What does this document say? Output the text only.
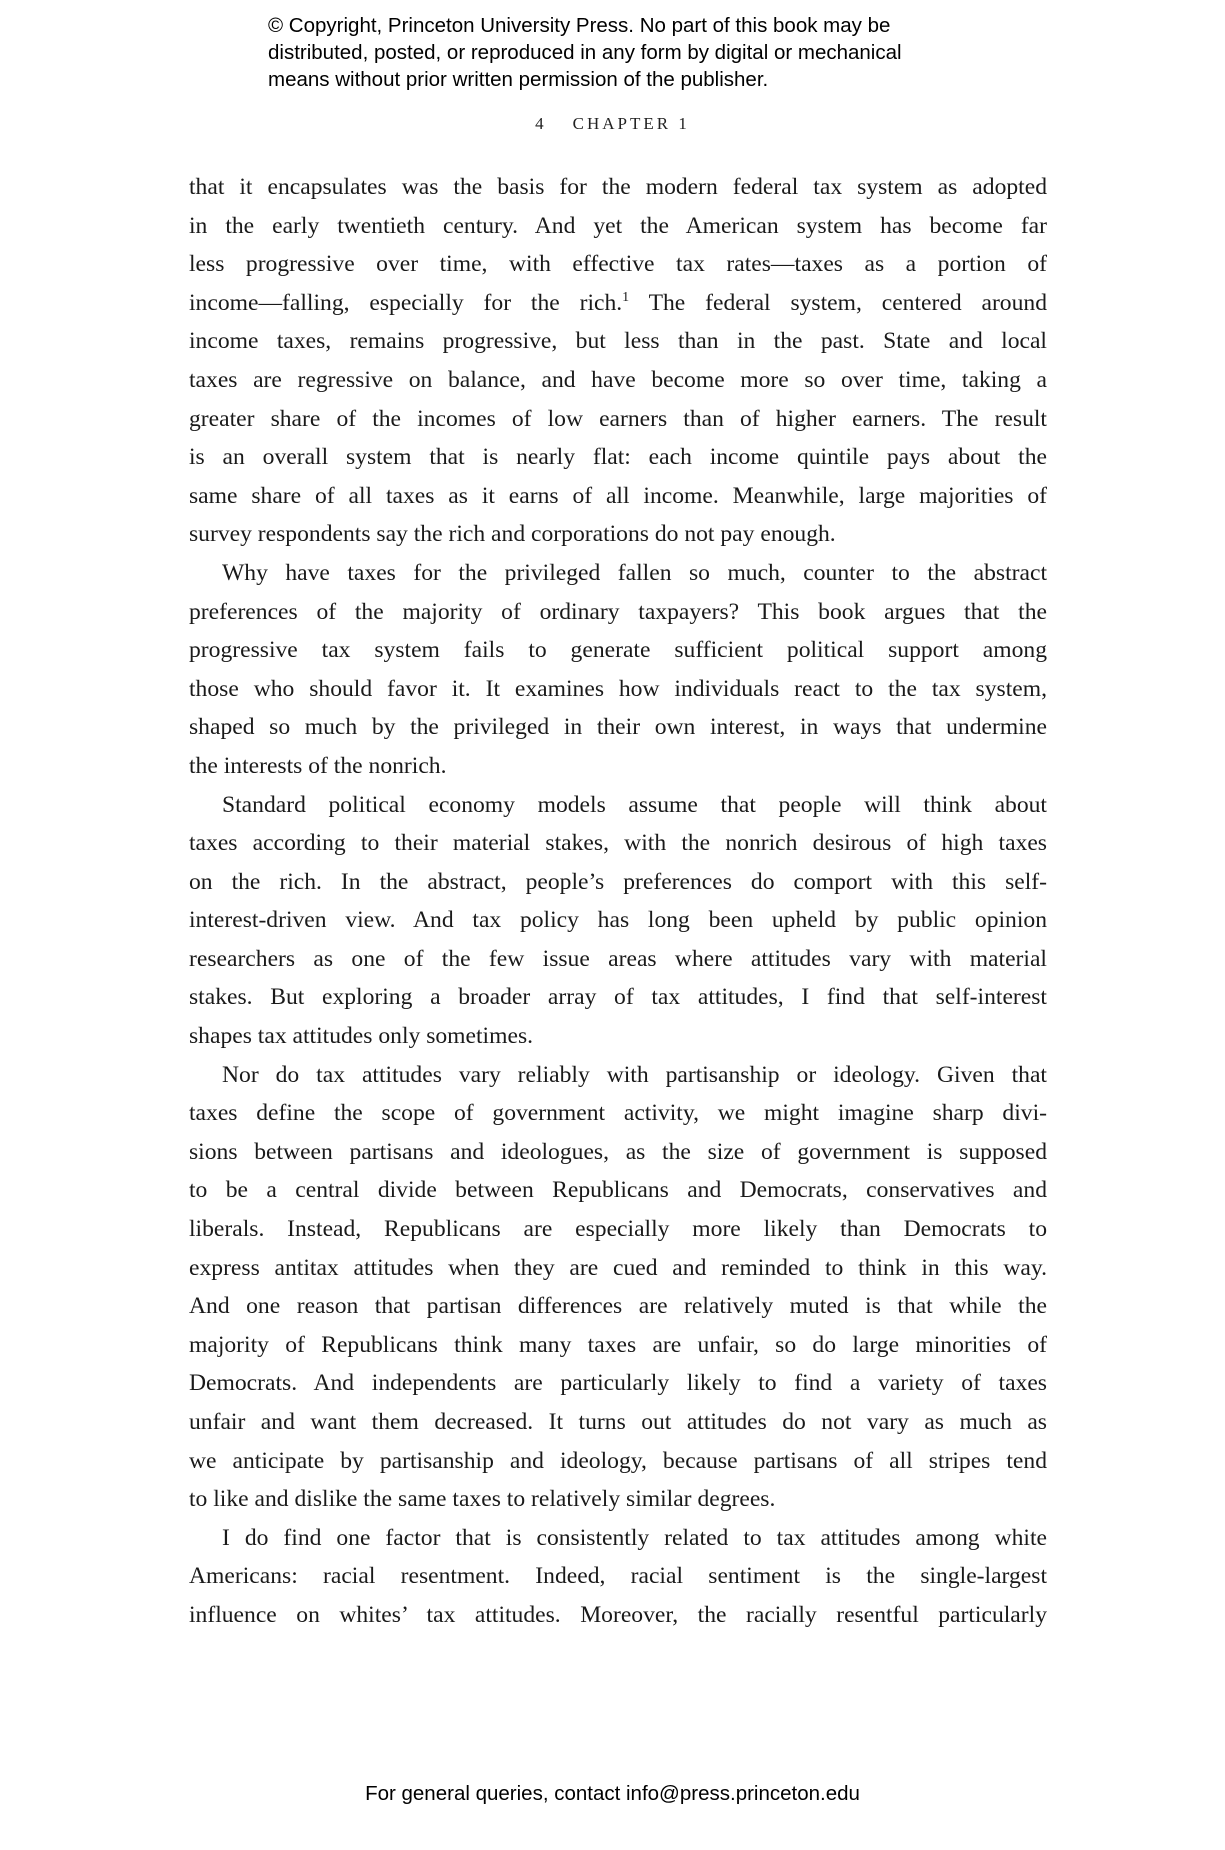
© Copyright, Princeton University Press. No part of this book may be
distributed, posted, or reproduced in any form by digital or mechanical
means without prior written permission of the publisher.
4 CHAPTER 1
that it encapsulates was the basis for the modern federal tax system as adopted
in the early twentieth century. And yet the American system has become far
less progressive over time, with effective tax rates—taxes as a portion of
income—falling, especially for the rich.$^1$ The federal system, centered around
income taxes, remains progressive, but less than in the past. State and local
taxes are regressive on balance, and have become more so over time, taking a
greater share of the incomes of low earners than of higher earners. The result
is an overall system that is nearly flat: each income quintile pays about the
same share of all taxes as it earns of all income. Meanwhile, large majorities of
survey respondents say the rich and corporations do not pay enough.
Why have taxes for the privileged fallen so much, counter to the abstract
preferences of the majority of ordinary taxpayers? This book argues that the
progressive tax system fails to generate sufficient political support among
those who should favor it. It examines how individuals react to the tax system,
shaped so much by the privileged in their own interest, in ways that undermine
the interests of the nonrich.
Standard political economy models assume that people will think about
taxes according to their material stakes, with the nonrich desirous of high taxes
on the rich. In the abstract, people’s preferences do comport with this self-
interest-driven view. And tax policy has long been upheld by public opinion
researchers as one of the few issue areas where attitudes vary with material
stakes. But exploring a broader array of tax attitudes, I find that self-interest
shapes tax attitudes only sometimes.
Nor do tax attitudes vary reliably with partisanship or ideology. Given that
taxes define the scope of government activity, we might imagine sharp divi-
sions between partisans and ideologues, as the size of government is supposed
to be a central divide between Republicans and Democrats, conservatives and
liberals. Instead, Republicans are especially more likely than Democrats to
express antitax attitudes when they are cued and reminded to think in this way.
And one reason that partisan differences are relatively muted is that while the
majority of Republicans think many taxes are unfair, so do large minorities of
Democrats. And independents are particularly likely to find a variety of taxes
unfair and want them decreased. It turns out attitudes do not vary as much as
we anticipate by partisanship and ideology, because partisans of all stripes tend
to like and dislike the same taxes to relatively similar degrees.
I do find one factor that is consistently related to tax attitudes among white
Americans: racial resentment. Indeed, racial sentiment is the single-largest
influence on whites’ tax attitudes. Moreover, the racially resentful particularly
For general queries, contact info@press.princeton.edu
